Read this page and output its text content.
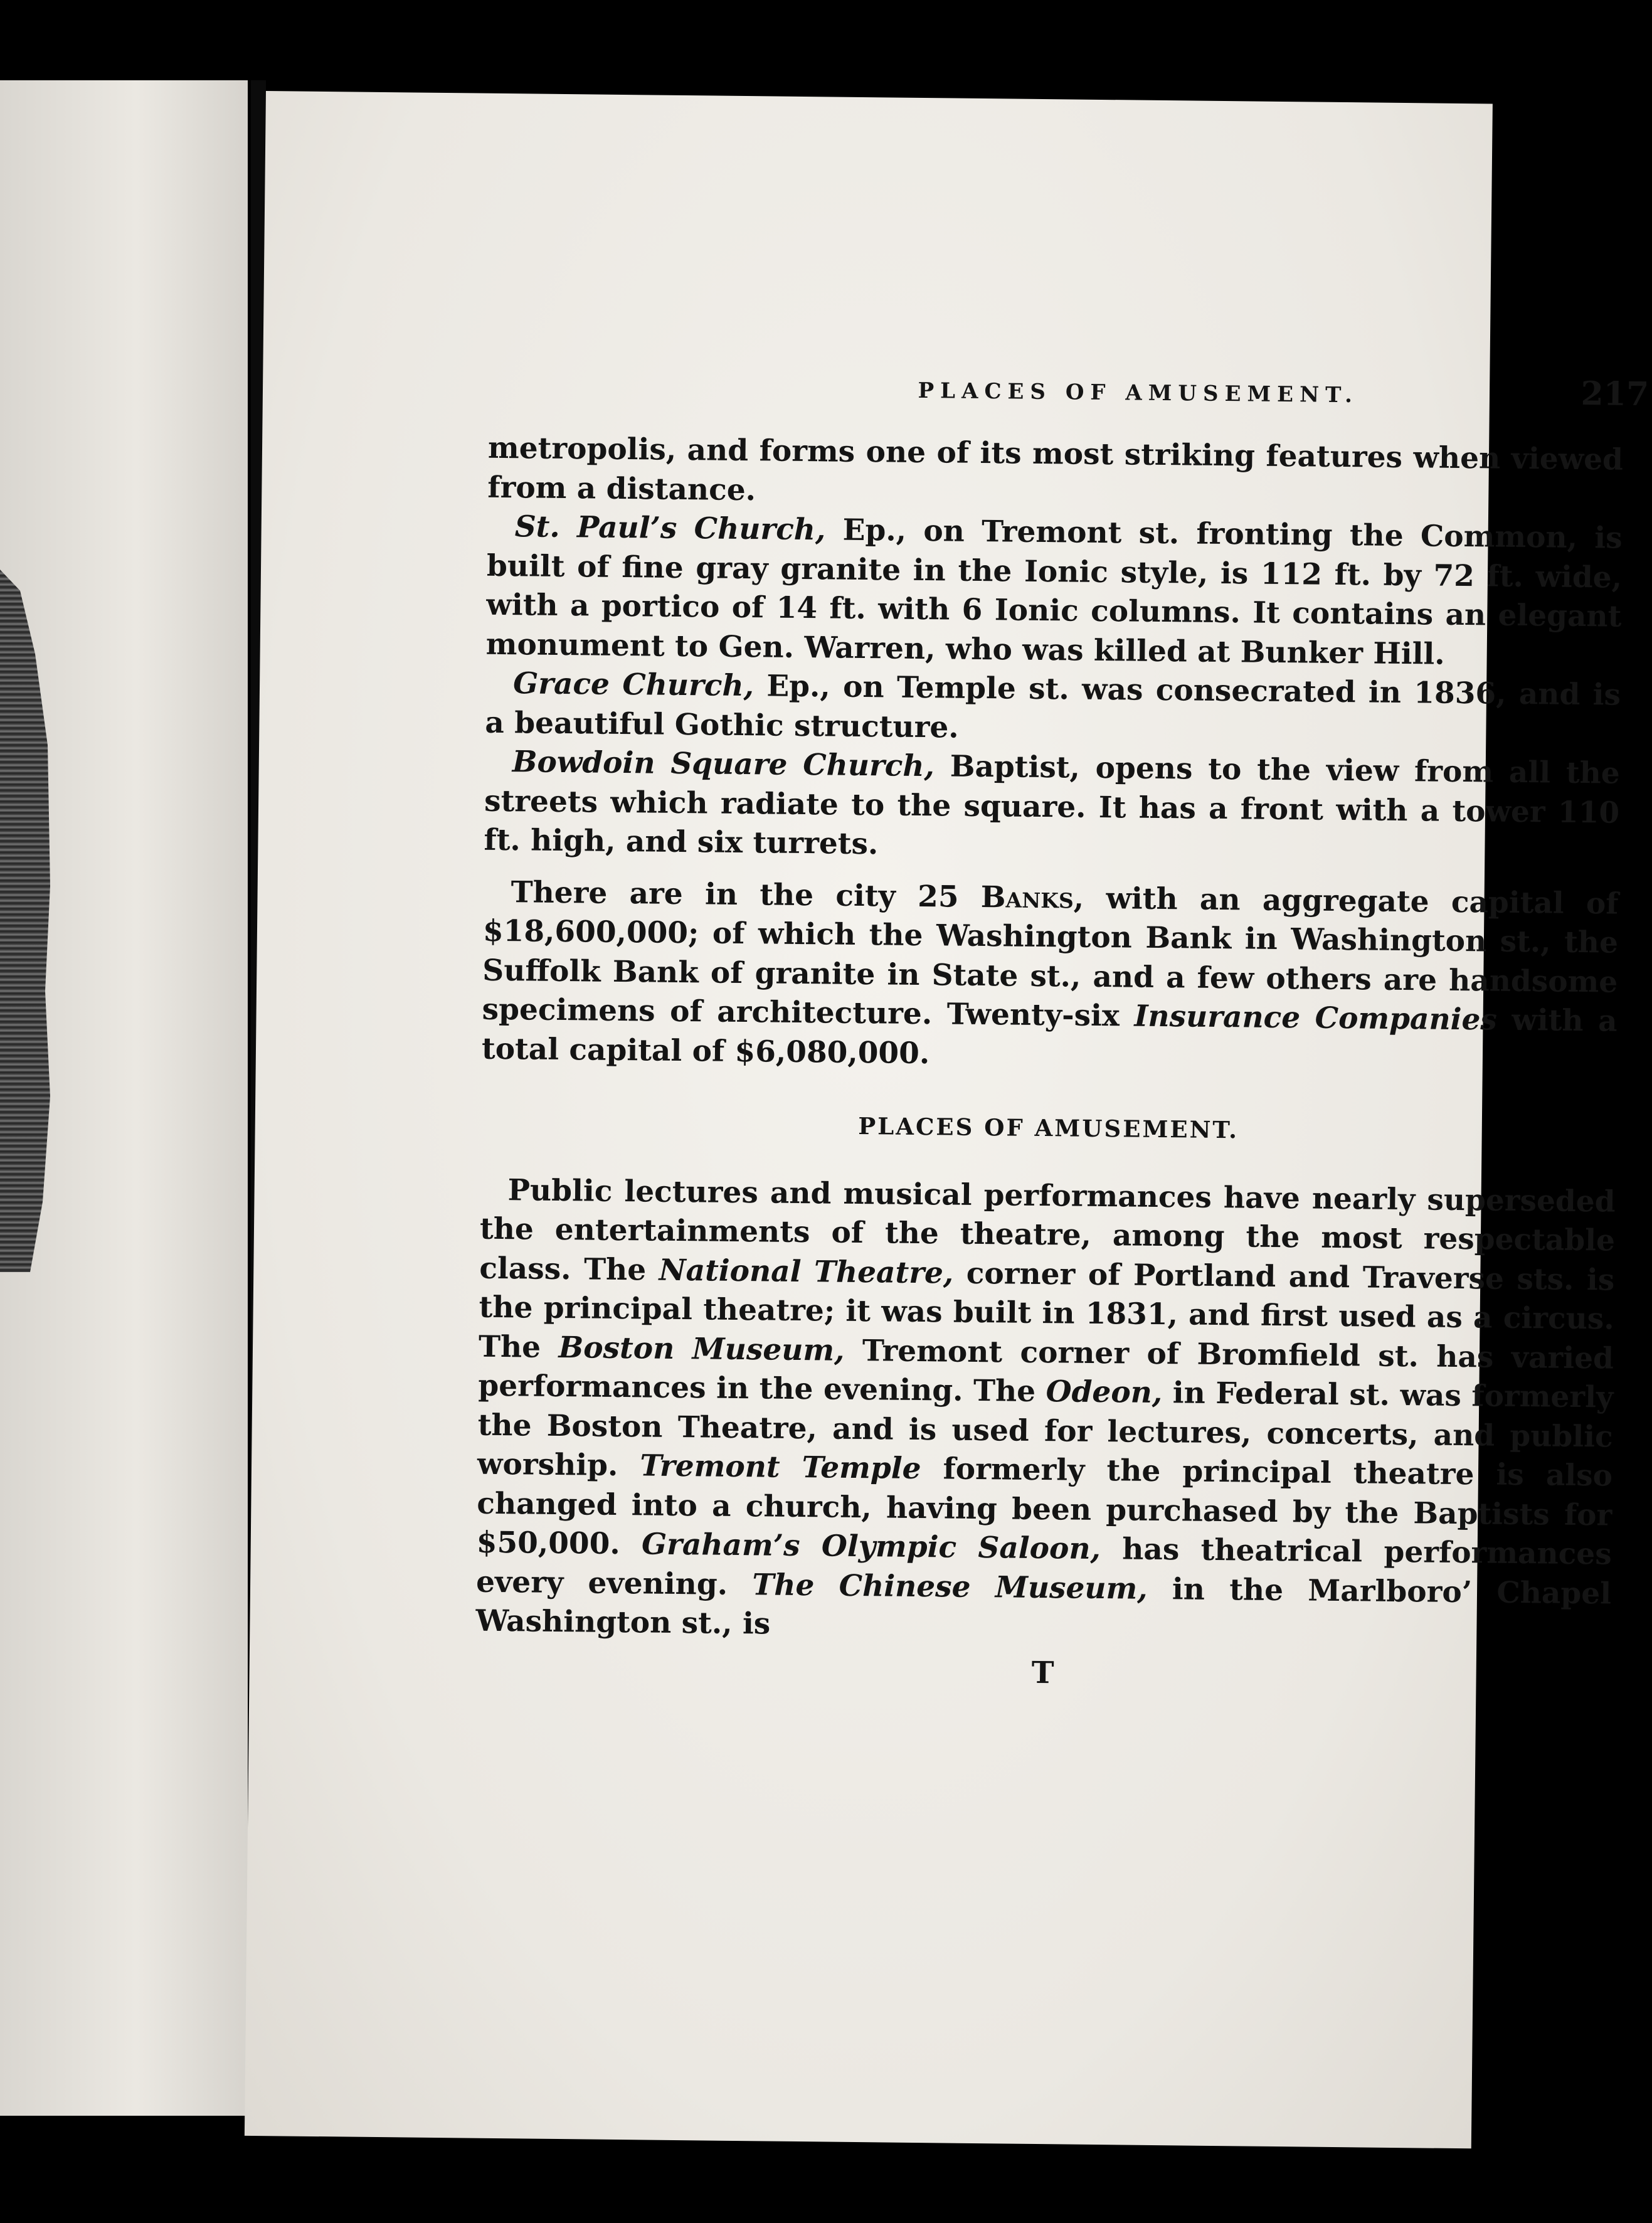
PLACES OF AMUSEMENT.	217

metropolis, and forms one of its most striking features when viewed from a distance.

St. Paul’s Church, Ep., on Tremont st. fronting the Common, is built of fine gray granite in the Ionic style, is 112 ft. by 72 ft. wide, with a portico of 14 ft. with 6 Ionic columns. It contains an elegant monument to Gen. Warren, who was killed at Bunker Hill.

Grace Church, Ep., on Temple st. was consecrated in 1836, and is a beautiful Gothic structure.

Bowdoin Square Church, Baptist, opens to the view from all the streets which radiate to the square. It has a front with a tower 110 ft. high, and six turrets.

There are in the city 25 Banks, with an aggregate capital of $18,600,000; of which the Washington Bank in Washington st., the Suffolk Bank of granite in State st., and a few others are handsome specimens of architecture. Twenty-six Insurance Companies with a total capital of $6,080,000.

PLACES OF AMUSEMENT.

Public lectures and musical performances have nearly superseded the entertainments of the theatre, among the most respectable class. The National Theatre, corner of Portland and Traverse sts. is the principal theatre; it was built in 1831, and first used as a circus. The Boston Museum, Tremont corner of Bromfield st. has varied performances in the evening. The Odeon, in Federal st. was formerly the Boston Theatre, and is used for lectures, concerts, and public worship. Tremont Temple formerly the principal theatre is also changed into a church, having been purchased by the Baptists for $50,000. Graham’s Olympic Saloon, has theatrical performances every evening. The Chinese Museum, in the Marlboro’ Chapel Washington st., is

T
